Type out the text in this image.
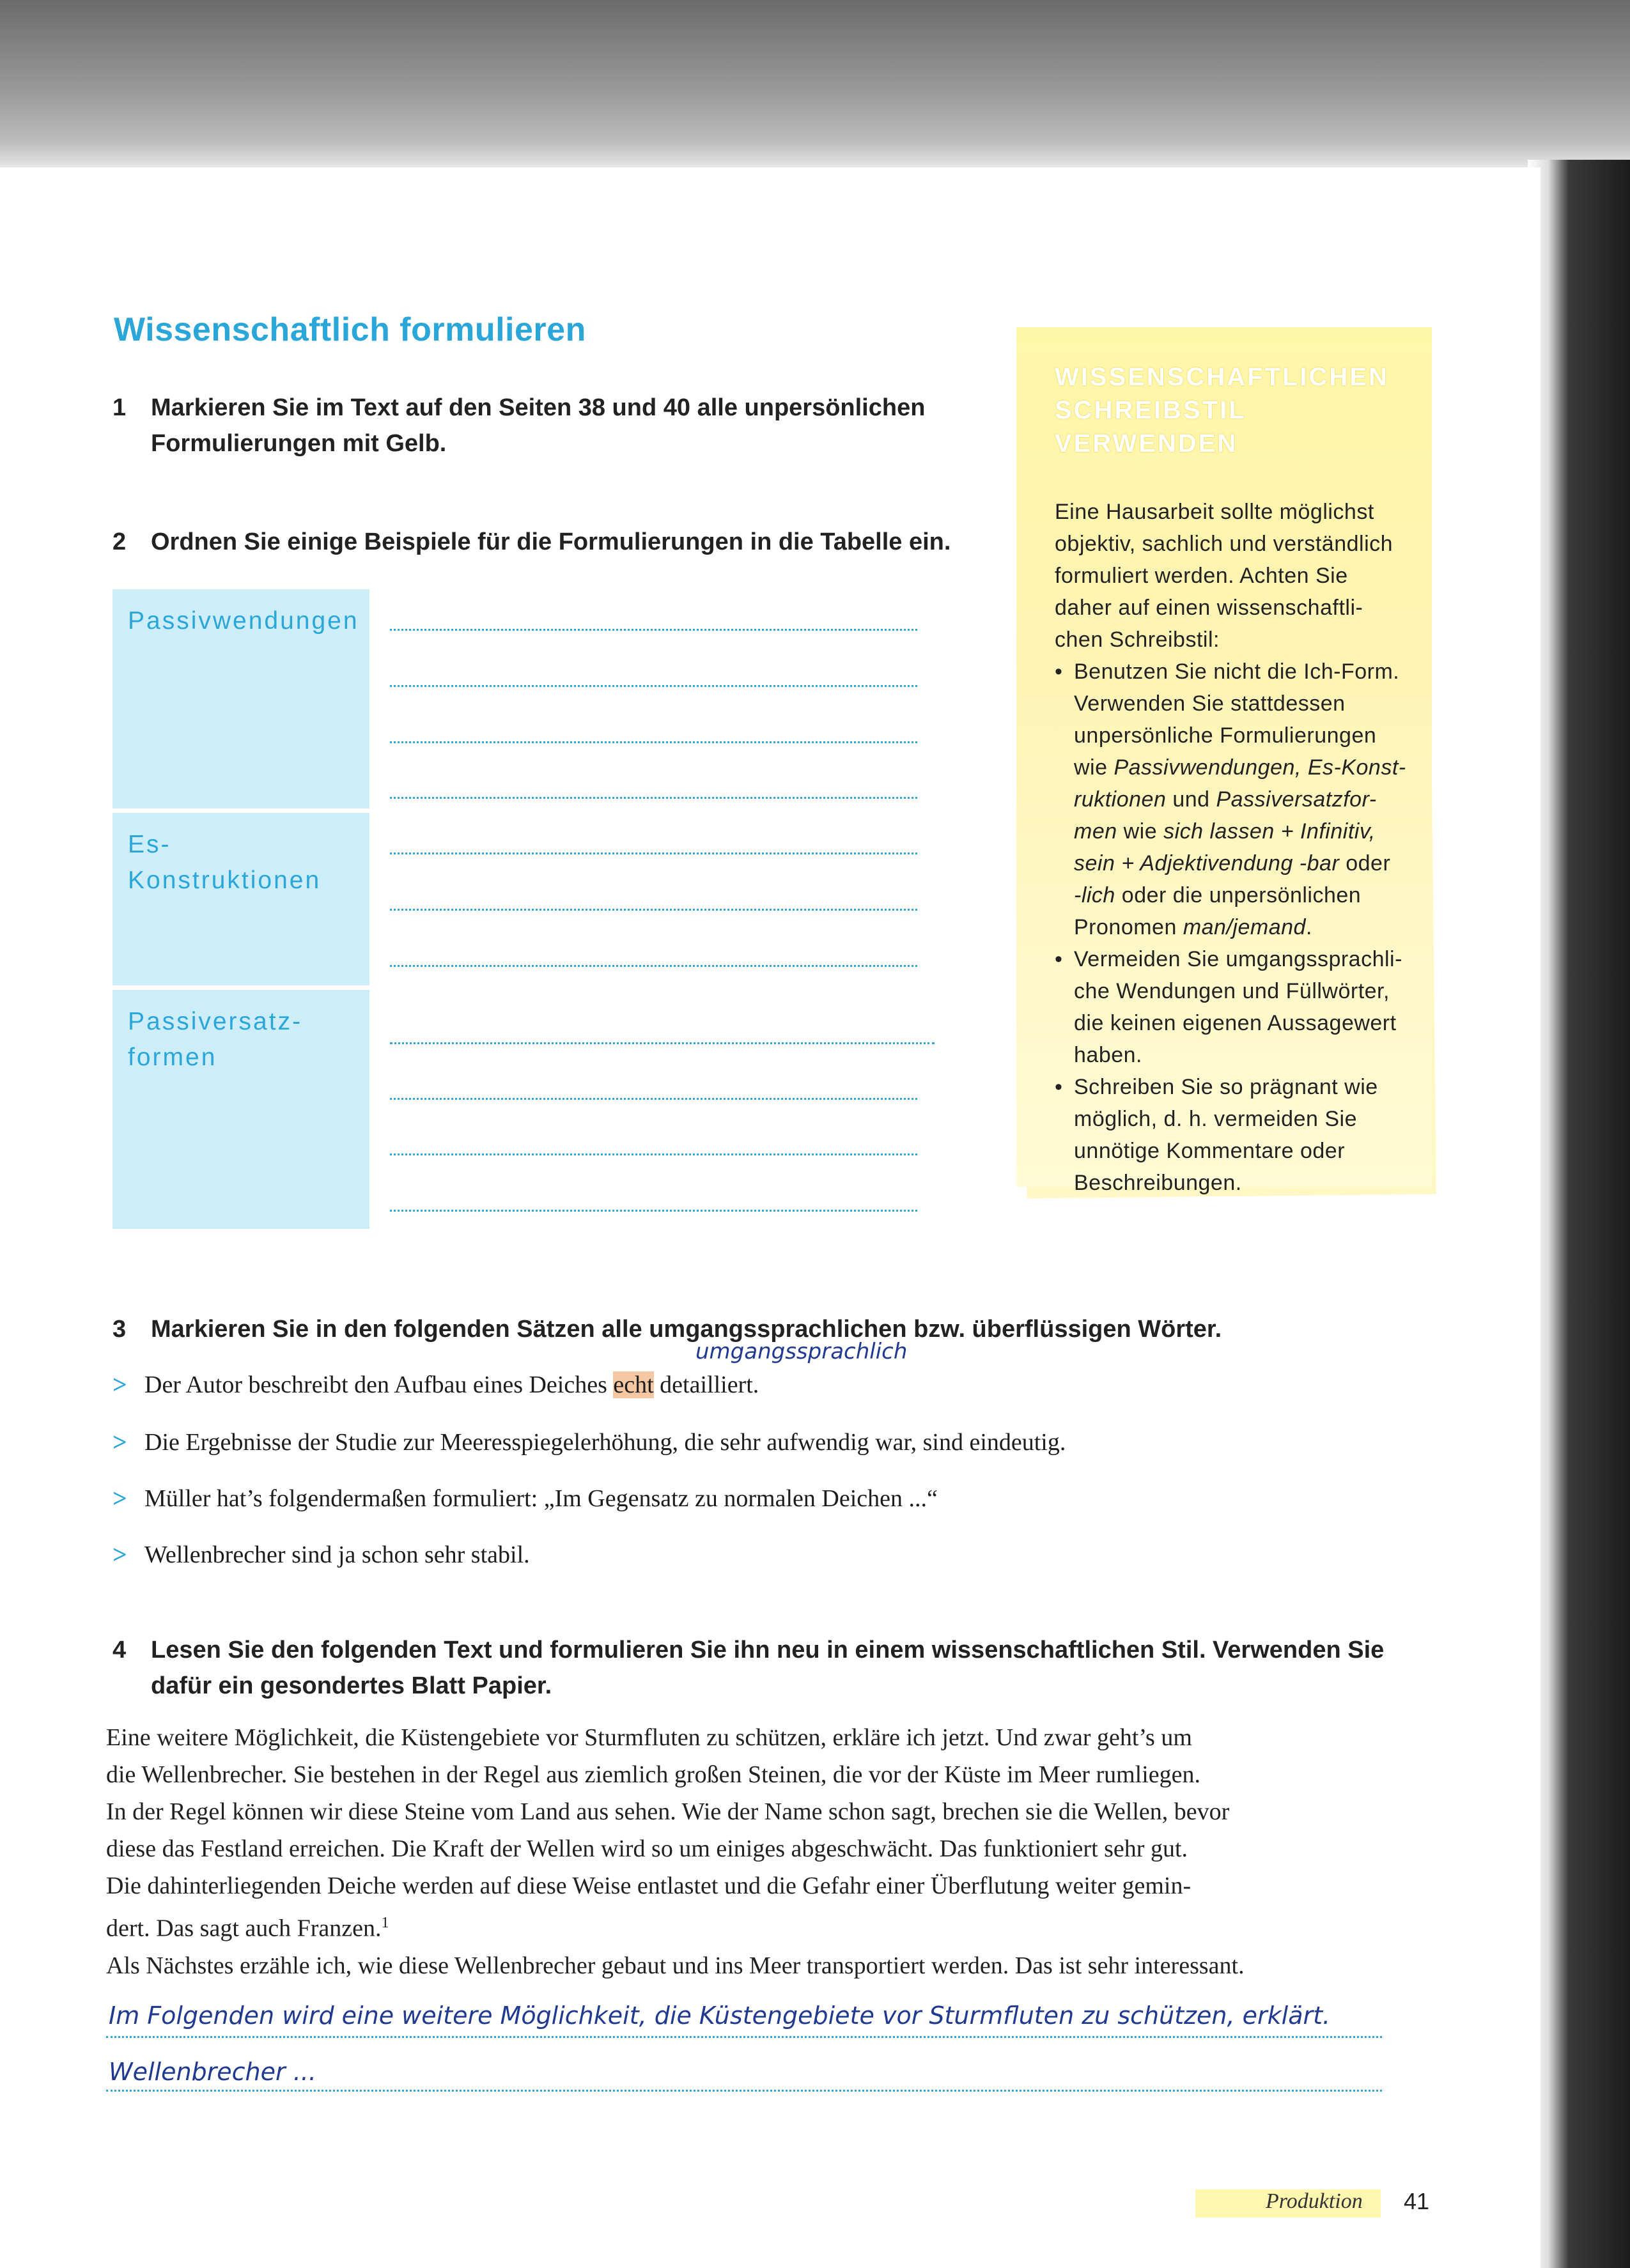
Wissenschaftlich formulieren
1 Markieren Sie im Text auf den Seiten 38 und 40 alle unpersönlichen
Formulierungen mit Gelb.
2 Ordnen Sie einige Beispiele für die Formulierungen in die Tabelle ein.
Passivwendungen
Es-Konstruktionen
Passiversatz-
formen
WISSENSCHAFTLICHEN
SCHREIBSTIL VERWENDEN
Eine Hausarbeit sollte möglichst
objektiv, sachlich und verständlich
formuliert werden. Achten Sie
daher auf einen wissenschaftli-
chen Schreibstil:
• Benutzen Sie nicht die Ich-Form.
Verwenden Sie stattdessen
unpersönliche Formulierungen
wie Passivwendungen, Es-Konst-
ruktionen und Passiversatzfor-
men wie sich lassen + Infinitiv,
sein + Adjektivendung -bar oder
-lich oder die unpersönlichen
Pronomen man/jemand.
• Vermeiden Sie umgangssprachli-
che Wendungen und Füllwörter,
die keinen eigenen Aussagewert
haben.
• Schreiben Sie so prägnant wie
möglich, d. h. vermeiden Sie
unnötige Kommentare oder
Beschreibungen.
3 Markieren Sie in den folgenden Sätzen alle umgangssprachlichen bzw. überflüssigen Wörter.
umgangssprachlich
> Der Autor beschreibt den Aufbau eines Deiches echt detailliert.
> Die Ergebnisse der Studie zur Meeresspiegelerhöhung, die sehr aufwendig war, sind eindeutig.
> Müller hat’s folgendermaßen formuliert: „Im Gegensatz zu normalen Deichen ...“
> Wellenbrecher sind ja schon sehr stabil.
4 Lesen Sie den folgenden Text und formulieren Sie ihn neu in einem wissenschaftlichen Stil. Verwenden Sie
dafür ein gesondertes Blatt Papier.

Eine weitere Möglichkeit, die Küstengebiete vor Sturmfluten zu schützen, erkläre ich jetzt. Und zwar geht’s um

die Wellenbrecher. Sie bestehen in der Regel aus ziemlich großen Steinen, die vor der Küste im Meer rumliegen.

In der Regel können wir diese Steine vom Land aus sehen. Wie der Name schon sagt, brechen sie die Wellen, bevor

diese das Festland erreichen. Die Kraft der Wellen wird so um einiges abgeschwächt. Das funktioniert sehr gut.

Die dahinterliegenden Deiche werden auf diese Weise entlastet und die Gefahr einer Überflutung weiter gemin-

dert. Das sagt auch Franzen.$^1$

Als Nächstes erzähle ich, wie diese Wellenbrecher gebaut und ins Meer transportiert werden. Das ist sehr interessant.

Im Folgenden wird eine weitere Möglichkeit, die Küstengebiete vor Sturmfluten zu schützen, erklärt.
Wellenbrecher ...
Produktion 41
